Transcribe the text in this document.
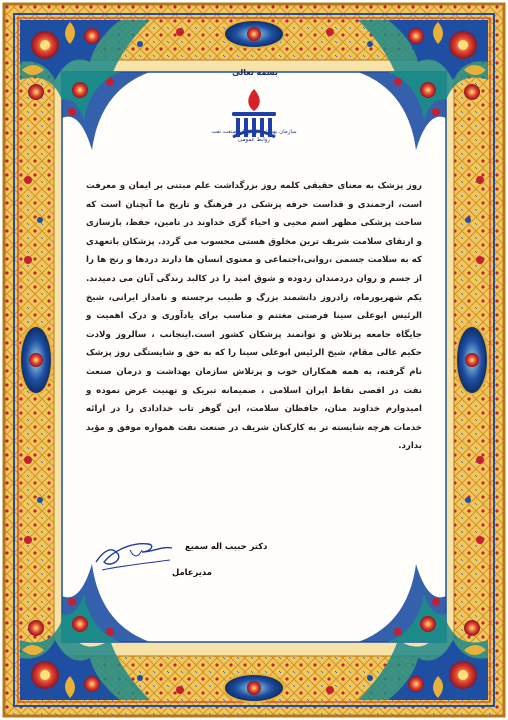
بسمه تعالی
سازمان بهداشت و درمان صنعت نفت
روابط عمومی
روز پزشک به معنای حقیقی کلمه روز بزرگداشت علم مبتنی بر ایمان و معرفت است، ارجمندی و قداست حرفه پزشکی در فرهنگ و تاریخ ما آنچنان است که ساحت پزشکی مظهر اسم محیی و احیاء گری خداوند در تامین، حفظ، بازسازی و ارتقای سلامت شریف ترین مخلوق هستی محسوب می گردد. پزشکان باتعهدی که به سلامت جسمی ،روانی،اجتماعی و معنوی انسان ها دارند دردها و رنج ها را از جسم و روان دردمندان زدوده و شوق امید را در کالبد زندگی آنان می دمیدند. یکم شهریورماه، زادروز دانشمند بزرگ و طبیب برجسته و نامدار ایرانی، شیخ الرئیس ابوعلی سینا فرصتی مغتنم و مناسب برای یادآوری و درک اهمیت و جایگاه جامعه پرتلاش و توانمند پزشکان کشور است.اینجانب ، سالروز ولادت حکیم عالی مقام، شیخ الرئیس ابوعلی سینا را که به حق و شایستگی روز پزشک نام گرفته، به همه همکاران خوب و پرتلاش سازمان بهداشت و درمان صنعت نفت در اقصی نقاط ایران اسلامی ، صمیمانه تبریک و تهنیت عرض نموده و امیدوارم خداوند منان، حافظان سلامت، این گوهر تاب خدادادی را در ارائه خدمات هرچه شایسته تر به کارکنان شریف در صنعت نفت همواره موفق و مؤید بدارد.
دکتر حبیب اله سمیع
مدیرعامل
